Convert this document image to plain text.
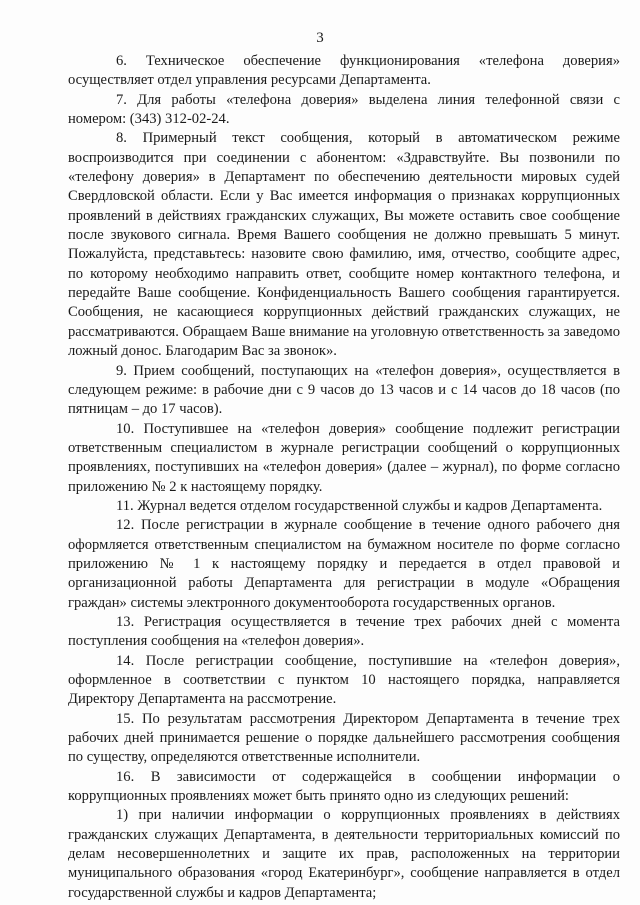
3

6. Техническое обеспечение функционирования «телефона доверия» осуществляет отдел управления ресурсами Департамента.

7. Для работы «телефона доверия» выделена линия телефонной связи с номером: (343) 312-02-24.

8. Примерный текст сообщения, который в автоматическом режиме воспроизводится при соединении с абонентом: «Здравствуйте. Вы позвонили по «телефону доверия» в Департамент по обеспечению деятельности мировых судей Свердловской области. Если у Вас имеется информация о признаках коррупционных проявлений в действиях гражданских служащих, Вы можете оставить свое сообщение после звукового сигнала. Время Вашего сообщения не должно превышать 5 минут. Пожалуйста, представьтесь: назовите свою фамилию, имя, отчество, сообщите адрес, по которому необходимо направить ответ, сообщите номер контактного телефона, и передайте Ваше сообщение. Конфиденциальность Вашего сообщения гарантируется. Сообщения, не касающиеся коррупционных действий гражданских служащих, не рассматриваются. Обращаем Ваше внимание на уголовную ответственность за заведомо ложный донос. Благодарим Вас за звонок».

9. Прием сообщений, поступающих на «телефон доверия», осуществляется в следующем режиме: в рабочие дни с 9 часов до 13 часов и с 14 часов до 18 часов (по пятницам – до 17 часов).

10. Поступившее на «телефон доверия» сообщение подлежит регистрации ответственным специалистом в журнале регистрации сообщений о коррупционных проявлениях, поступивших на «телефон доверия» (далее – журнал), по форме согласно приложению № 2 к настоящему порядку.

11. Журнал ведется отделом государственной службы и кадров Департамента.

12. После регистрации в журнале сообщение в течение одного рабочего дня оформляется ответственным специалистом на бумажном носителе по форме согласно приложению № 1 к настоящему порядку и передается в отдел правовой и организационной работы Департамента для регистрации в модуле «Обращения граждан» системы электронного документооборота государственных органов.

13. Регистрация осуществляется в течение трех рабочих дней с момента поступления сообщения на «телефон доверия».

14. После регистрации сообщение, поступившие на «телефон доверия», оформленное в соответствии с пунктом 10 настоящего порядка, направляется Директору Департамента на рассмотрение.

15. По результатам рассмотрения Директором Департамента в течение трех рабочих дней принимается решение о порядке дальнейшего рассмотрения сообщения по существу, определяются ответственные исполнители.

16. В зависимости от содержащейся в сообщении информации о коррупционных проявлениях может быть принято одно из следующих решений:

1) при наличии информации о коррупционных проявлениях в действиях гражданских служащих Департамента, в деятельности территориальных комиссий по делам несовершеннолетних и защите их прав, расположенных на территории муниципального образования «город Екатеринбург», сообщение направляется в отдел государственной службы и кадров Департамента;
